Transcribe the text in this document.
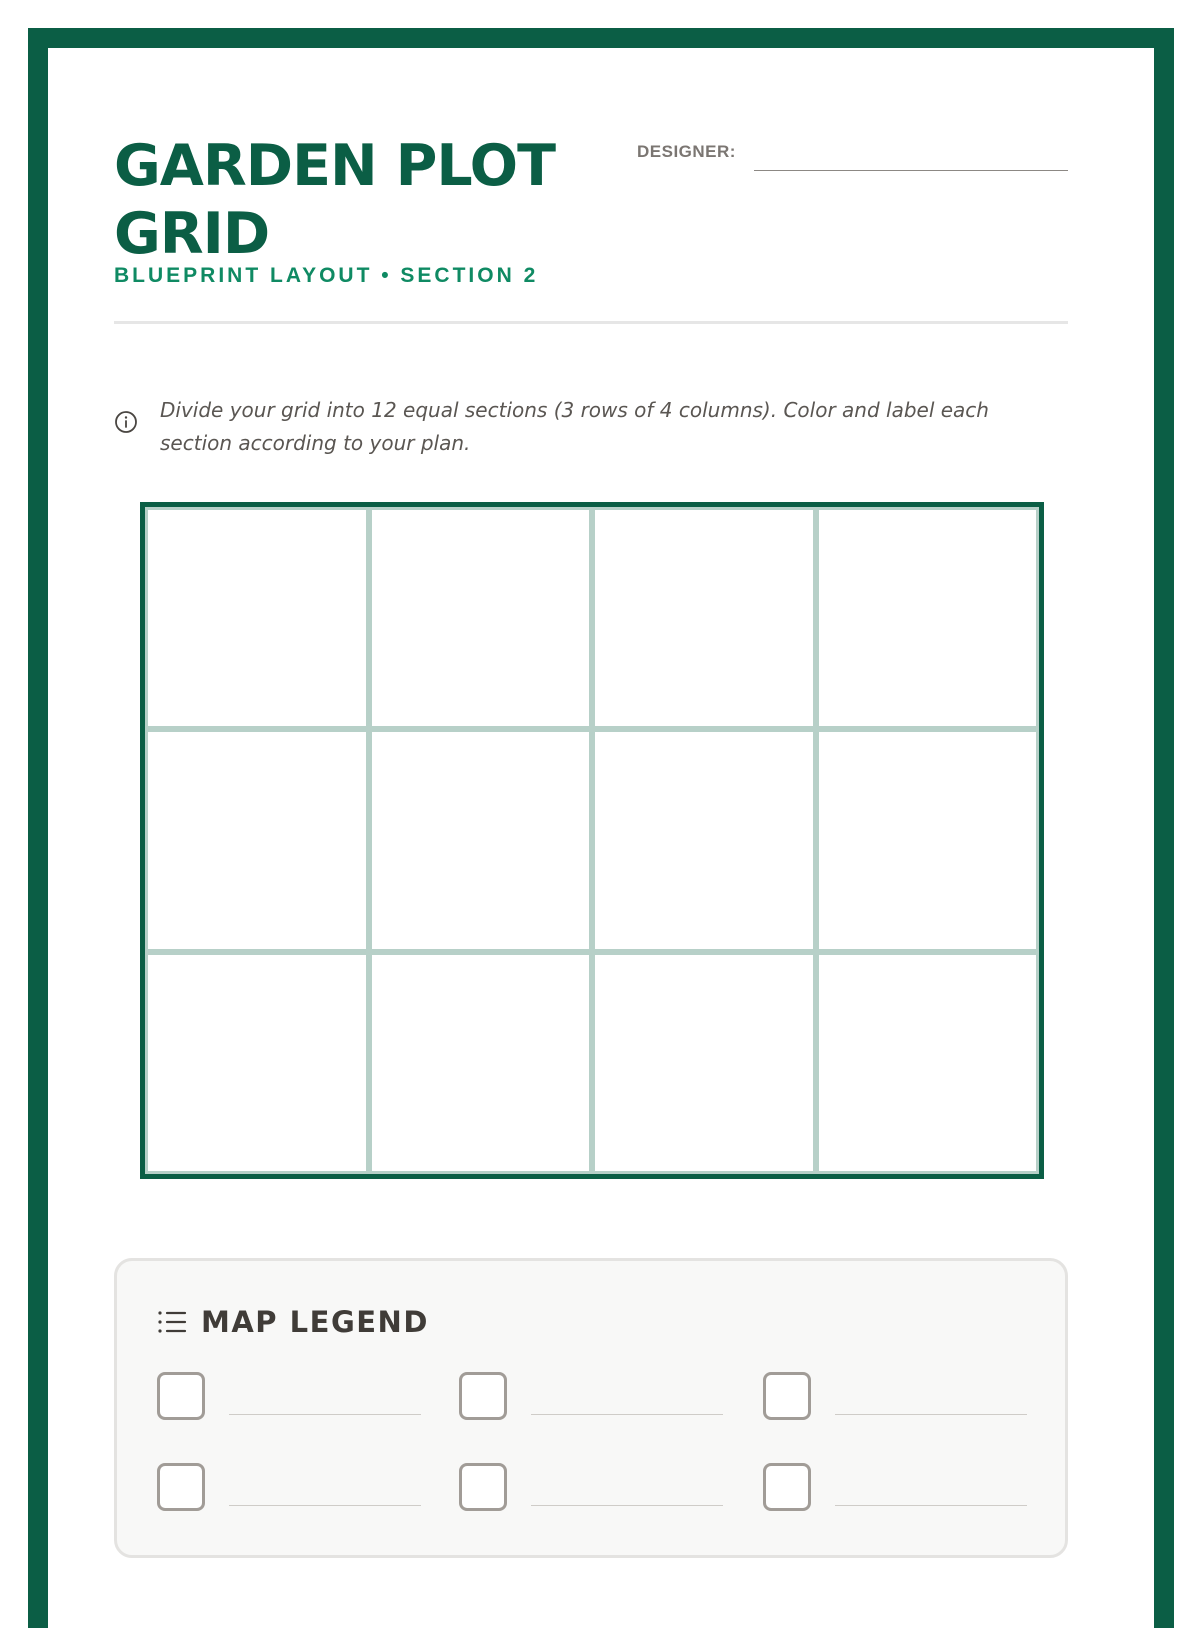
GARDEN PLOT GRID
BLUEPRINT LAYOUT • SECTION 2
DESIGNER:

Divide your grid into 12 equal sections (3 rows of 4 columns). Color and label each section according to your plan.

MAP LEGEND
